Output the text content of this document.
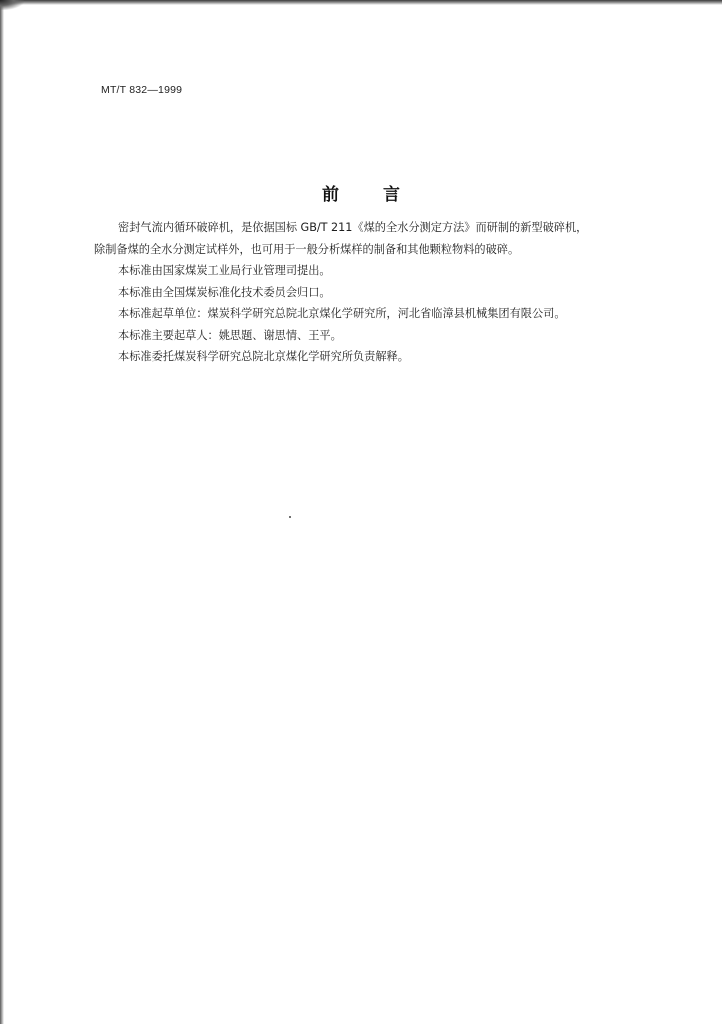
MT/T 832—1999
前	言

密封气流内循环破碎机，是依据国标 GB/T 211《煤的全水分测定方法》而研制的新型破碎机，

除制备煤的全水分测定试样外，也可用于一般分析煤样的制备和其他颗粒物料的破碎。

本标准由国家煤炭工业局行业管理司提出。

本标准由全国煤炭标准化技术委员会归口。

本标准起草单位：煤炭科学研究总院北京煤化学研究所，河北省临漳县机械集团有限公司。

本标准主要起草人：姚思题、谢思情、王平。

本标准委托煤炭科学研究总院北京煤化学研究所负责解释。
